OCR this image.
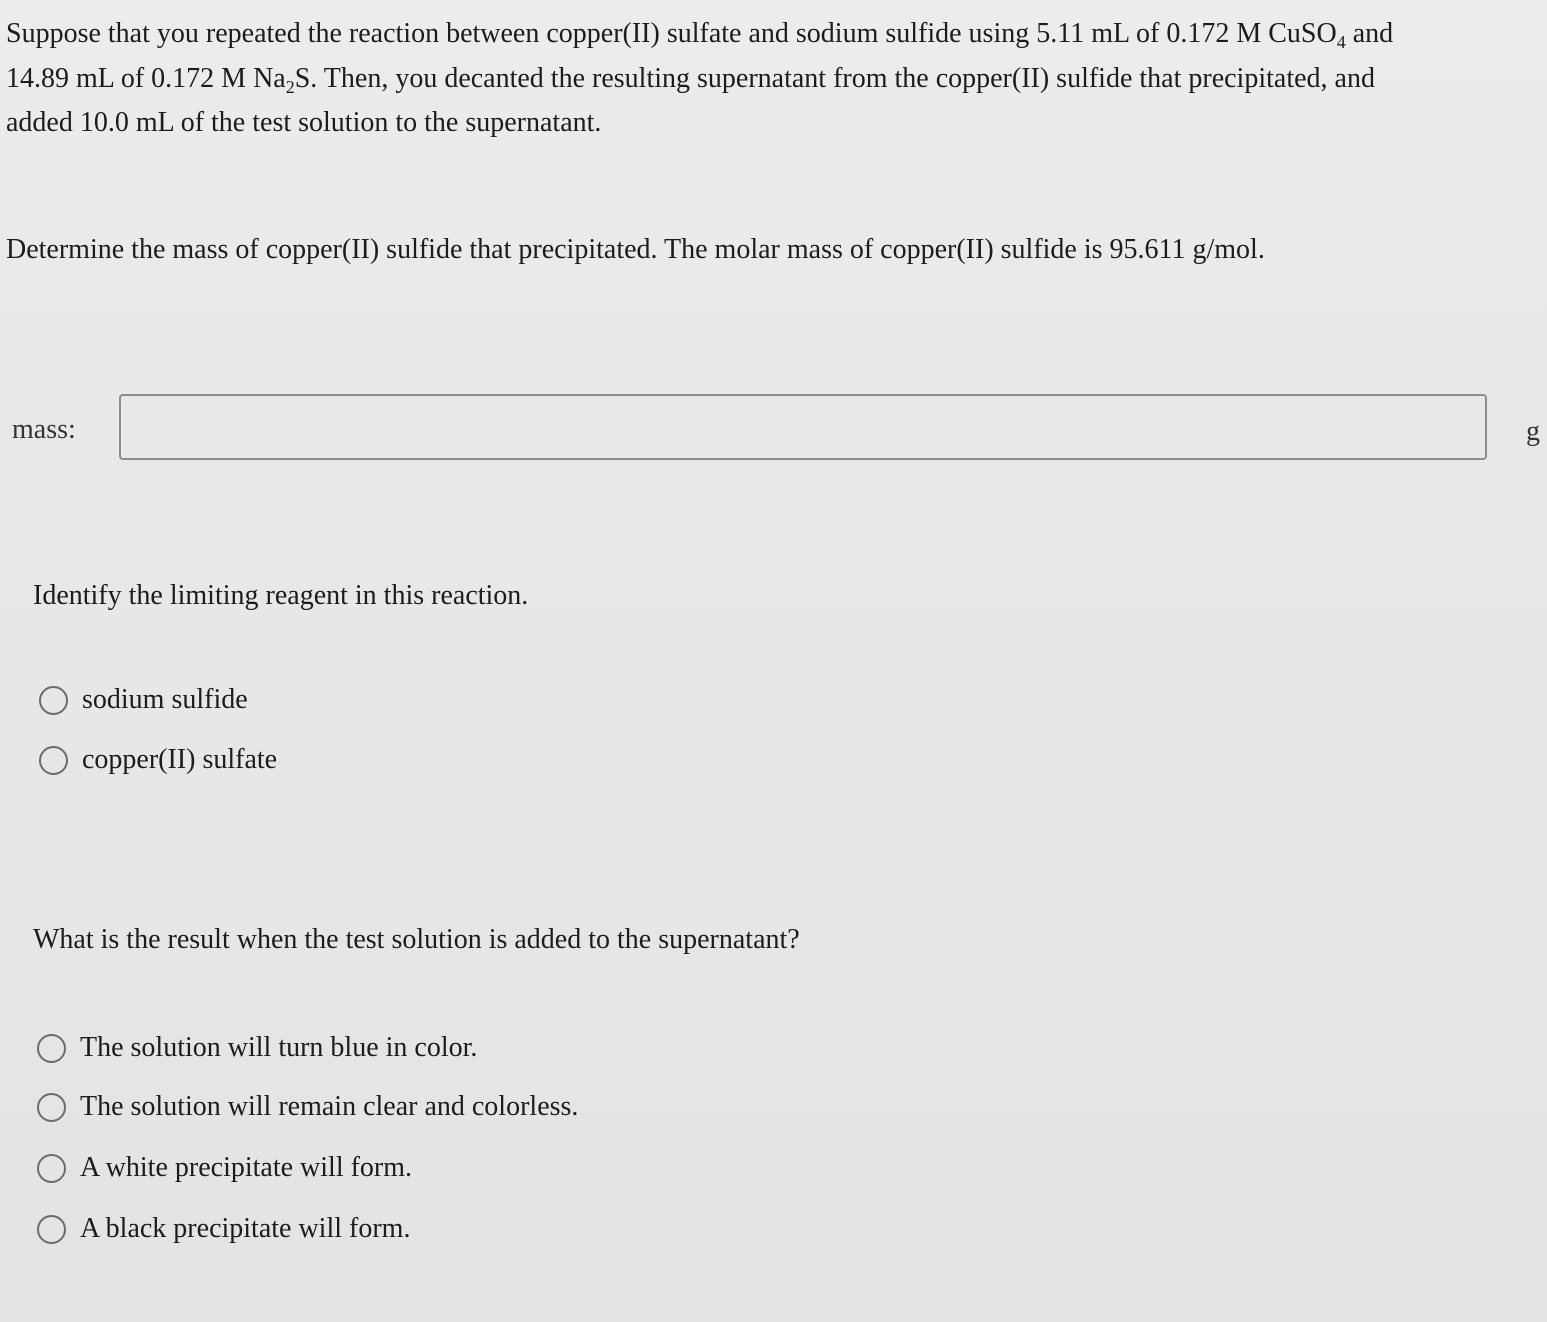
Suppose that you repeated the reaction between copper(II) sulfate and sodium sulfide using 5.11 mL of 0.172 M CuSO$_4$ and

14.89 mL of 0.172 M $Na_2S$. Then, you decanted the resulting supernatant from the copper(II) sulfide that precipitated, and

added 10.0 mL of the test solution to the supernatant.

Determine the mass of copper(II) sulfide that precipitated. The molar mass of copper(II) sulfide is 95.611 g/mol.
mass:	g
Identify the limiting reagent in this reaction.
sodium sulfide
copper(II) sulfate
What is the result when the test solution is added to the supernatant?
The solution will turn blue in color.
The solution will remain clear and colorless.
A white precipitate will form.
A black precipitate will form.
